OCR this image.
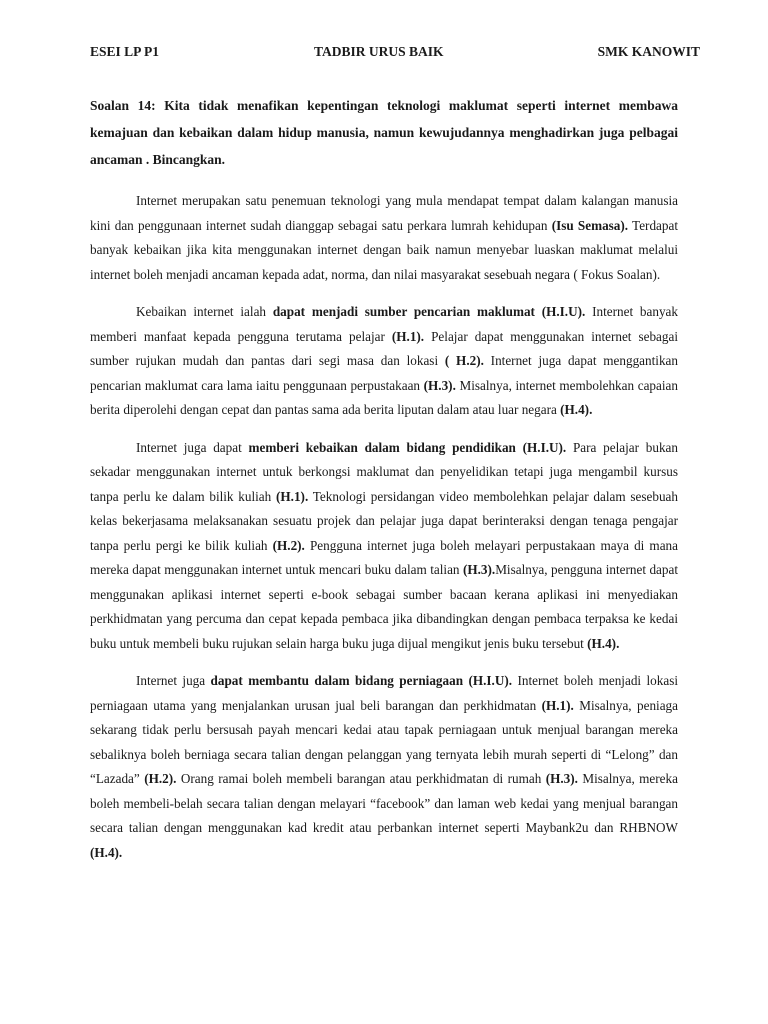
ESEI LP P1	TADBIR URUS BAIK	SMK KANOWIT

Soalan 14: Kita tidak menafikan kepentingan teknologi maklumat seperti internet membawa kemajuan dan kebaikan dalam hidup manusia, namun kewujudannya menghadirkan juga pelbagai ancaman . Bincangkan.

Internet merupakan satu penemuan teknologi yang mula mendapat tempat dalam kalangan manusia kini dan penggunaan internet sudah dianggap sebagai satu perkara lumrah kehidupan (Isu Semasa). Terdapat banyak kebaikan jika kita menggunakan internet dengan baik namun menyebar luaskan maklumat melalui internet boleh menjadi ancaman kepada adat, norma, dan nilai masyarakat sesebuah negara ( Fokus Soalan).

Kebaikan internet ialah dapat menjadi sumber pencarian maklumat (H.I.U). Internet banyak memberi manfaat kepada pengguna terutama pelajar (H.1). Pelajar dapat menggunakan internet sebagai sumber rujukan mudah dan pantas dari segi masa dan lokasi ( H.2). Internet juga dapat menggantikan pencarian maklumat cara lama iaitu penggunaan perpustakaan (H.3). Misalnya, internet membolehkan capaian berita diperolehi dengan cepat dan pantas sama ada berita liputan dalam atau luar negara (H.4).

Internet juga dapat memberi kebaikan dalam bidang pendidikan (H.I.U). Para pelajar bukan sekadar menggunakan internet untuk berkongsi maklumat dan penyelidikan tetapi juga mengambil kursus tanpa perlu ke dalam bilik kuliah (H.1). Teknologi persidangan video membolehkan pelajar dalam sesebuah kelas bekerjasama melaksanakan sesuatu projek dan pelajar juga dapat berinteraksi dengan tenaga pengajar tanpa perlu pergi ke bilik kuliah (H.2). Pengguna internet juga boleh melayari perpustakaan maya di mana mereka dapat menggunakan internet untuk mencari buku dalam talian (H.3).Misalnya, pengguna internet dapat menggunakan aplikasi internet seperti e-book sebagai sumber bacaan kerana aplikasi ini menyediakan perkhidmatan yang percuma dan cepat kepada pembaca jika dibandingkan dengan pembaca terpaksa ke kedai buku untuk membeli buku rujukan selain harga buku juga dijual mengikut jenis buku tersebut (H.4).

Internet juga dapat membantu dalam bidang perniagaan (H.I.U). Internet boleh menjadi lokasi perniagaan utama yang menjalankan urusan jual beli barangan dan perkhidmatan (H.1). Misalnya, peniaga sekarang tidak perlu bersusah payah mencari kedai atau tapak perniagaan untuk menjual barangan mereka sebaliknya boleh berniaga secara talian dengan pelanggan yang ternyata lebih murah seperti di “Lelong” dan “Lazada” (H.2). Orang ramai boleh membeli barangan atau perkhidmatan di rumah (H.3). Misalnya, mereka boleh membeli-belah secara talian dengan melayari “facebook” dan laman web kedai yang menjual barangan secara talian dengan menggunakan kad kredit atau perbankan internet seperti Maybank2u dan RHBNOW (H.4).
